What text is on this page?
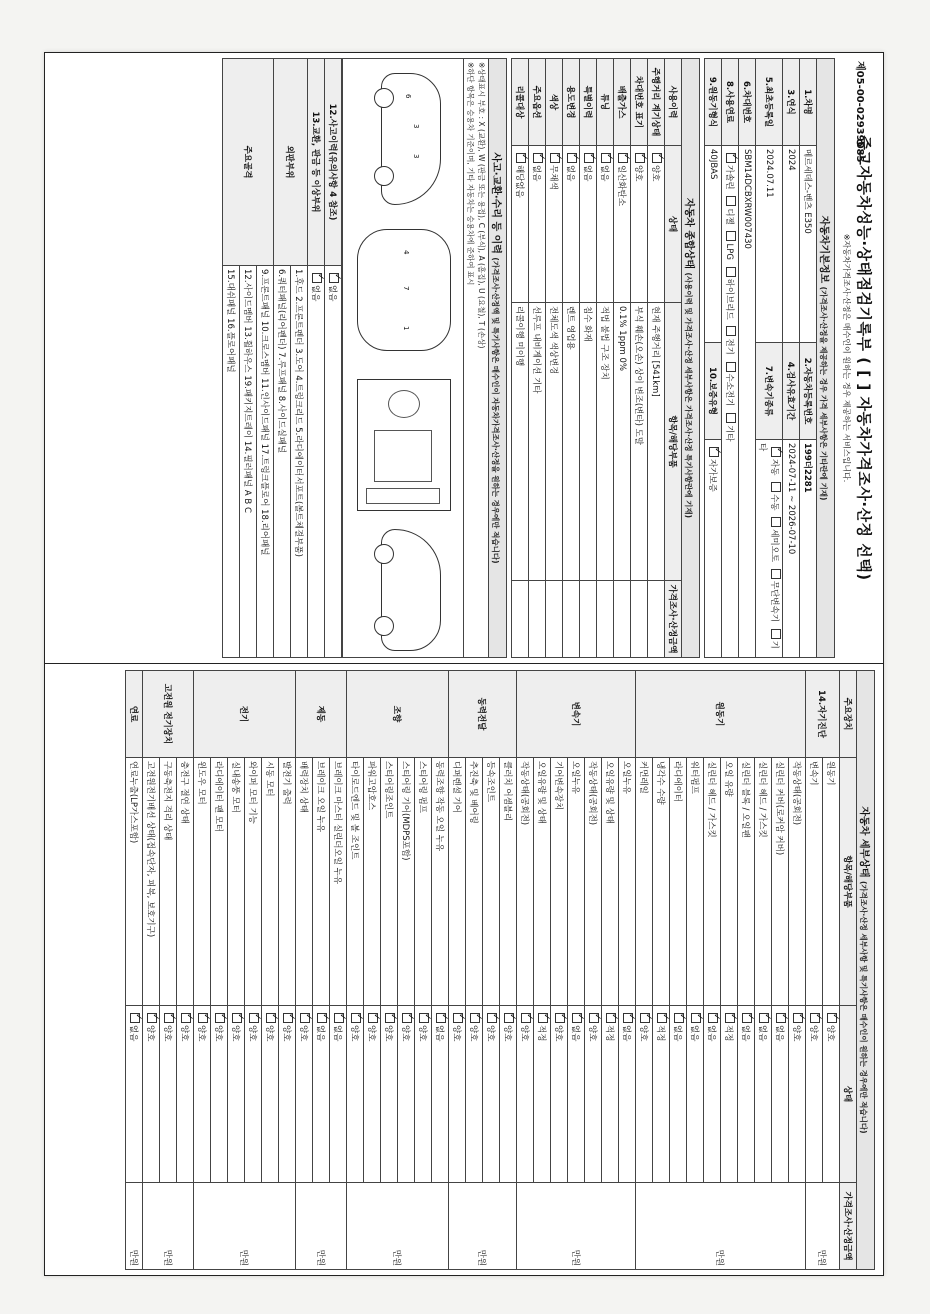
제05-00-02939085
중고자동차성능·상태점검기록부 ( [ ] 자동차가격조사·산정 선택)
※자동차가격조사·산정은 매수인이 원하는 경우 제공하는 서비스입니다.
자동차기본정보 (가격조사·산정을 제공하는 경우 가격 세부사항은 기타란에 기재)			
1.차명	메르세데스-벤츠 E350	2.자동차등록번호	199더2281
3.연식	2024	4.검사유효기간	2024-07-11 ~ 2026-07-10
5.최초등록일	2024.07.11	7.변속기종류	✓자동 수동 세미오토 무단변속기 기타
6.차대번호	SBM14DCBXRW007430		
8.사용연료	✓가솔린 디젤 LPG 하이브리드 전기 수소전기 기타
9.원동기형식	40JBAS	10.보증유형	✓자가보증
자동차 종합상태 (사용이력 및 가격조사·산정 세부사항은 가격조사·산정 특기사항란에 기재)			
사용이력	상태	항목/해당부품	가격조사·산정금액
주행거리 계기상태	✓양호	현재 주행거리 [541km]	
차대번호 표기	✓양호	부식 훼손(오손) 상이 변조(변타) 도말	
배출가스	✓일산화탄소	0.1% 1ppm 0%	
튜닝	✓없음	적법 불법 구조 장치	
특별이력	✓없음	침수 화재	
용도변경	✓없음	렌트 영업용	
색상	✓무채색	전체도색 색상변경	
주요옵션	✓없음	선루프 내비게이션 기타	
리콜대상	✓해당없음	리콜이행 미이행	
사고·교환·수리 등 이력 (가격조사·산정액 및 특기사항은 매수인이 자동차가격조사·산정을 원하는 경우에만 적습니다)

※상태표시 부호 : X (교환), W (판금 또는 용접), C (부식), A (흠집), U (요철), T (손상)
※하단 항목은 승용차 기준이며, 기타 자동차는 승용차에 준하여 표시
3
3
6
7
4
1
12.사고이력(유의사항 4 참조)	✓없음
13.교환, 판금 등 이상부위	✓없음
외판부위	1.후드 2.프론트펜더 3.도어 4.트렁크리드 5.라디에이터서포트(볼트체결부품)
	6.쿼터패널(리어펜더) 7.루프패널 8.사이드실패널
주요골격	9.프론트패널 10.크로스멤버 11.인사이드패널 17.트렁크플로어 18.리어패널
	12.사이드멤버 13.휠하우스 19.패키지트레이 14.필러패널 A B C
	15.대쉬패널 16.플로어패널
자동차 세부상태 (가격조사·산정 세부사항 및 특기사항은 매수인이 원하는 경우에만 적습니다)			
주요장치	항목/해당부품	상태	가격조사·산정금액
14.자기진단	원동기	✓양호	만원
	변속기	✓양호
원동기	작동상태(공회전)	✓양호	만원
	실린더 커버(로커암 커버)	✓없음
	실린더 헤드 / 가스킷	✓없음
	실린더 블록 / 오일팬	✓없음
	오일 유량	✓적정
	실린더 헤드 / 가스킷	✓없음
	워터펌프	✓없음
	라디에이터	✓없음
	냉각수 수량	✓적정
	커먼레일	✓양호
변속기	오일누유	✓없음	만원
	오일유량 및 상태	✓적정
	작동상태(공회전)	✓양호
	오일누유	✓없음
	기어변속장치	✓양호
	오일유량 및 상태	✓적정
	작동상태(공회전)	✓양호
동력전달	클러치 어셈블리	✓양호	만원
	등속조인트	✓양호
	추진축 및 베어링	✓양호
	디퍼렌셜 기어	✓양호
조향	동력조향 작동 오일 누유	✓없음	만원
	스티어링 펌프	✓양호
	스티어링 기어(MDPS포함)	✓양호
	스티어링조인트	✓양호
	파워고압호스	✓양호
	타이로드엔드 및 볼 조인트	✓양호
제동	브레이크 마스터 실린더오일 누유	✓없음	만원
	브레이크 오일 누유	✓없음
	배력장치 상태	✓양호
전기	발전기 출력	✓양호	만원
	시동 모터	✓양호
	와이퍼 모터 기능	✓양호
	실내송풍 모터	✓양호
	라디에이터 팬 모터	✓양호
	윈도우 모터	✓양호
고전원 전기장치	충전구 절연 상태	✓양호	만원
	구동축전지 격리 상태	✓양호
	고전원전기배선 상태(접속단자, 피복, 보호기구)	✓양호
연료	연료누출(LP가스포함)	✓없음	만원
